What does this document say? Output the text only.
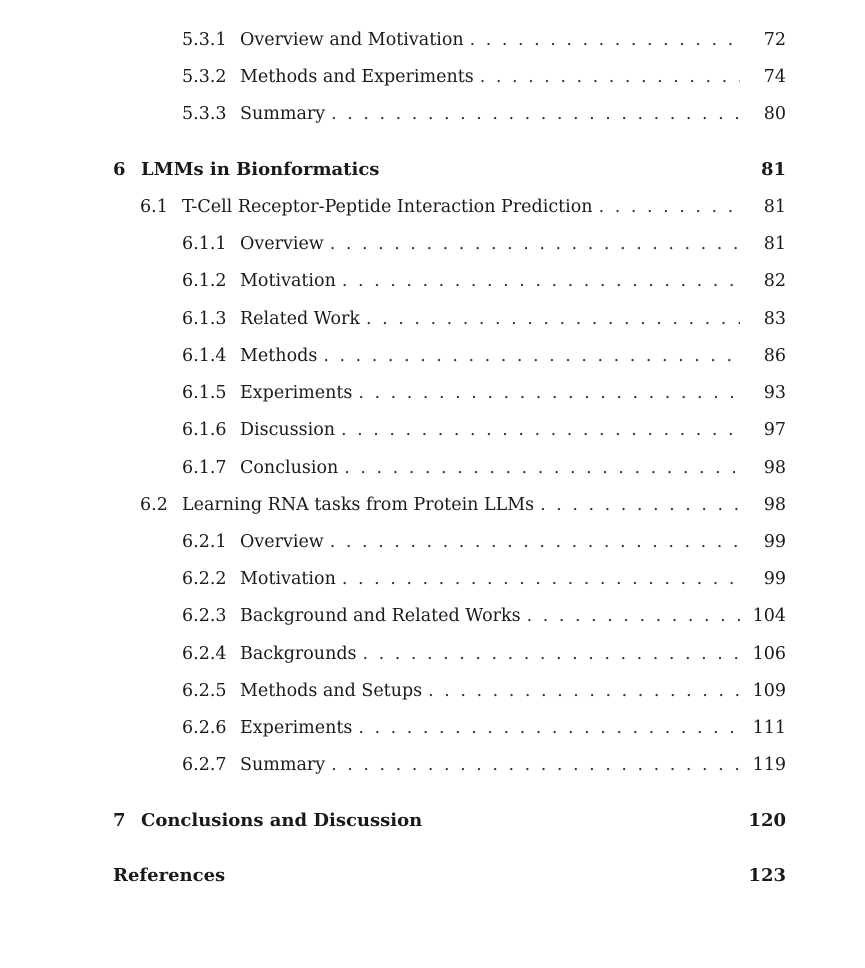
5.3.1 Overview and Motivation . . .	72
5.3.2 Methods and Experiments . . .	74
5.3.3 Summary . . .	80
6 LMMs in Bionformatics	81
6.1 T-Cell Receptor-Peptide Interaction Prediction . . .	81
6.1.1 Overview . . .	81
6.1.2 Motivation . . .	82
6.1.3 Related Work . . .	83
6.1.4 Methods . . .	86
6.1.5 Experiments . . .	93
6.1.6 Discussion . . .	97
6.1.7 Conclusion . . .	98
6.2 Learning RNA tasks from Protein LLMs . . .	98
6.2.1 Overview . . .	99
6.2.2 Motivation . . .	99
6.2.3 Background and Related Works . . .	104
6.2.4 Backgrounds . . .	106
6.2.5 Methods and Setups . . .	109
6.2.6 Experiments . . .	111
6.2.7 Summary . . .	119
7 Conclusions and Discussion	120
References	123
